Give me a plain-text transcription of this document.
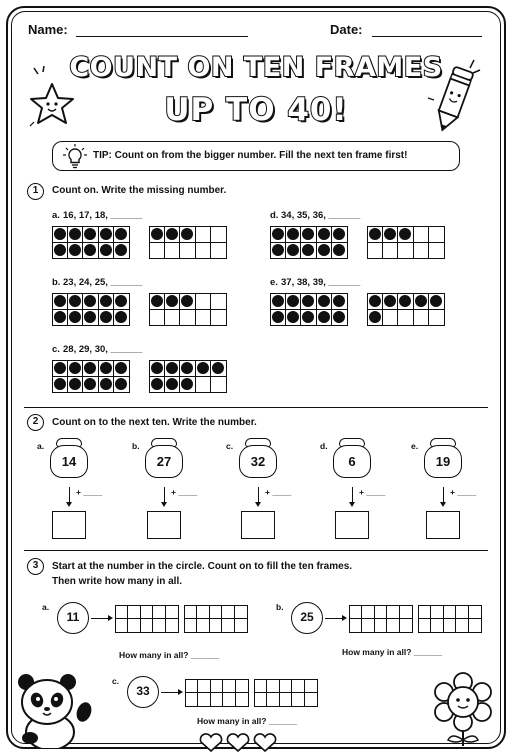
Name:	Date:
COUNT ON TEN FRAMES
UP TO 40!
TIP: Count on from the bigger number. Fill the next ten frame first!
1	Count on. Write the missing number.
a. 16, 17, 18, ______
b. 23, 24, 25, ______
c. 28, 29, 30, ______
d. 34, 35, 36, ______
e. 37, 38, 39, ______
2	Count on to the next ten. Write the number.
a.
14
+ ____
b.
27
+ ____
c.
32
+ ____
d.
6
+ ____
e.
19
+ ____
3	Start at the number in the circle. Count on to fill the ten frames.
Then write how many in all.
a.
11
b.
25
c.
33
How many in all? ______	How many in all? ______
How many in all? ______
